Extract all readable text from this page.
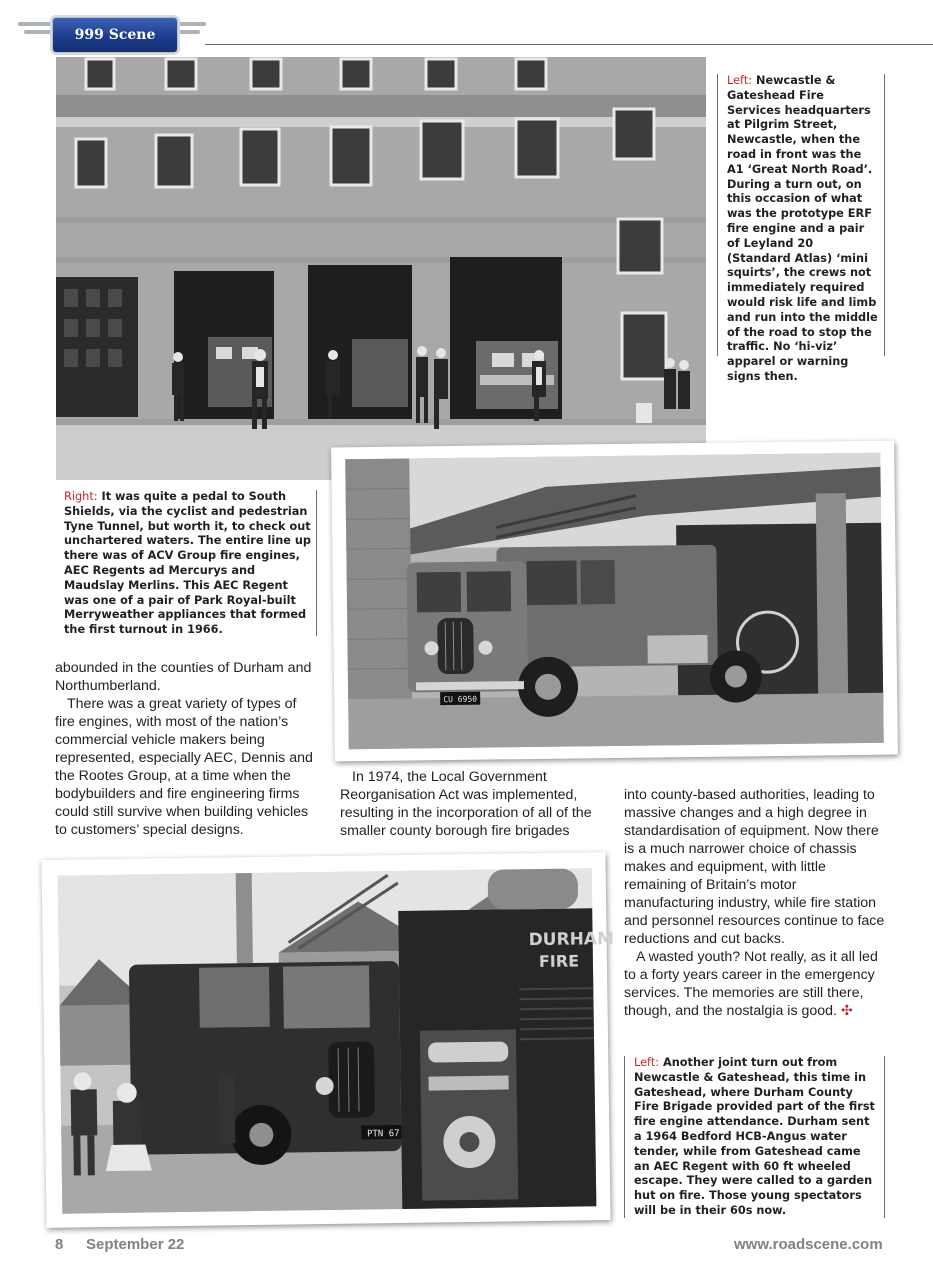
999 Scene
Left: Newcastle & Gateshead Fire Services headquarters at Pilgrim Street, Newcastle, when the road in front was the A1 ‘Great North Road’. During a turn out, on this occasion of what was the prototype ERF fire engine and a pair of Leyland 20 (Standard Atlas) ‘mini squirts’, the crews not immediately required would risk life and limb and run into the middle of the road to stop the traffic. No ‘hi-viz’ apparel or warning signs then.
CU 6950
Right: It was quite a pedal to South Shields, via the cyclist and pedestrian Tyne Tunnel, but worth it, to check out unchartered waters. The entire line up there was of ACV Group fire engines, AEC Regents ad Mercurys and Maudslay Merlins. This AEC Regent was one of a pair of Park Royal-built Merryweather appliances that formed the first turnout in 1966.

abounded in the counties of Durham and Northumberland.

There was a great variety of types of fire engines, with most of the nation’s commercial vehicle makers being represented, especially AEC, Dennis and the Rootes Group, at a time when the bodybuilders and fire engineering firms could still survive when building vehicles to customers’ special designs.

In 1974, the Local Government Reorganisation Act was implemented, resulting in the incorporation of all of the smaller county borough fire brigades

into county-based authorities, leading to massive changes and a high degree in standardisation of equipment. Now there is a much narrower choice of chassis makes and equipment, with little remaining of Britain’s motor manufacturing industry, while fire station and personnel resources continue to face reductions and cut backs.

A wasted youth? Not really, as it all led to a forty years career in the emergency services. The memories are still there, though, and the nostalgia is good. ✣

PTN 67
DURHAM
FIRE
Left: Another joint turn out from Newcastle & Gateshead, this time in Gateshead, where Durham County Fire Brigade provided part of the first fire engine attendance. Durham sent a 1964 Bedford HCB-Angus water tender, while from Gateshead came an AEC Regent with 60 ft wheeled escape. They were called to a garden hut on fire. Those young spectators will be in their 60s now.
8 September 22	www.roadscene.com
